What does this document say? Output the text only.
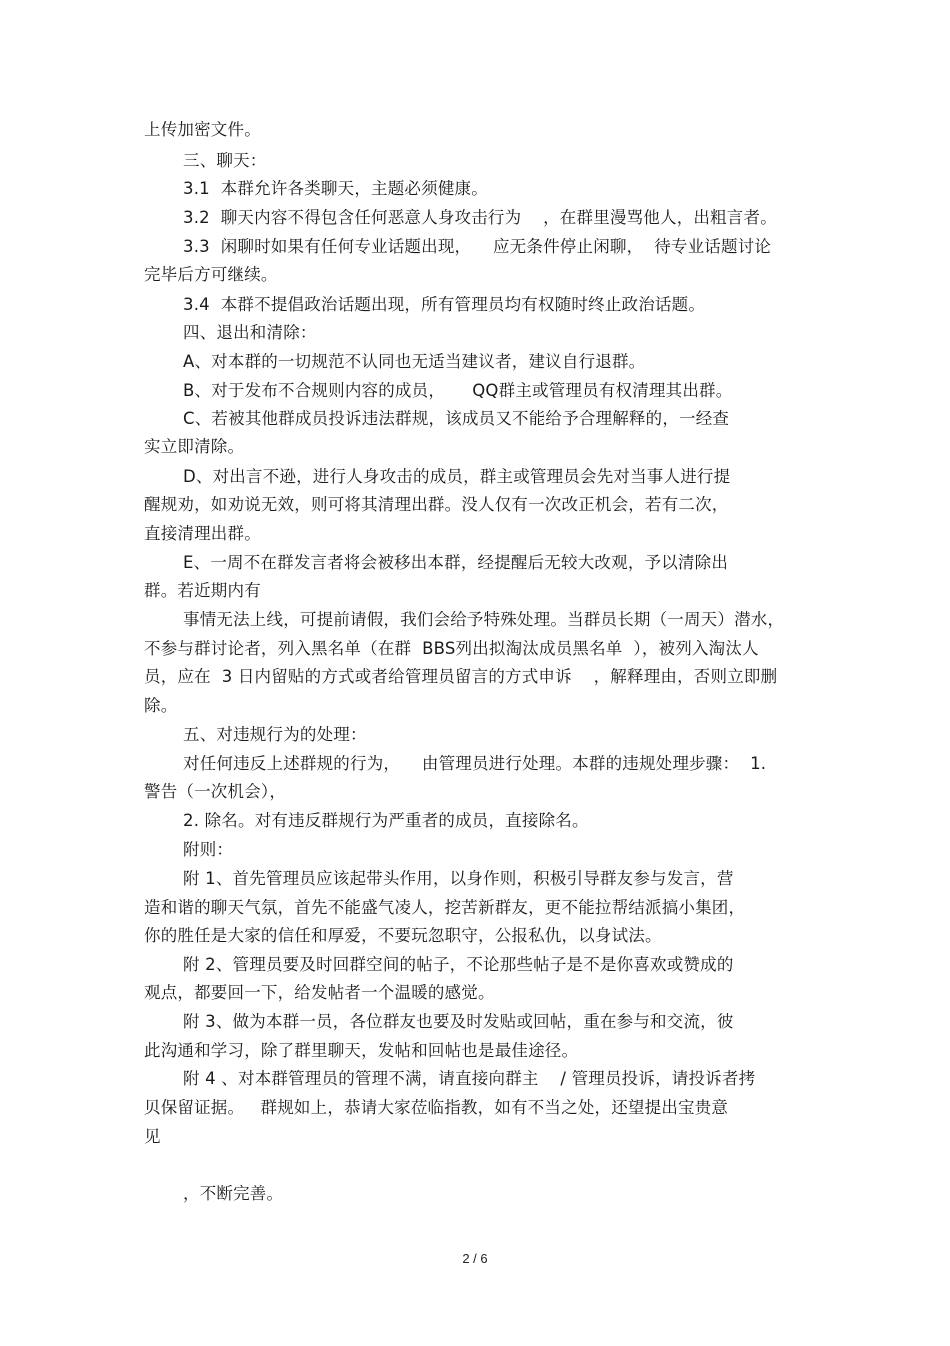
上传加密文件。
三、聊天：
3.1  本群允许各类聊天，主题必须健康。
3.2  聊天内容不得包含任何恶意人身攻击行为    ，在群里漫骂他人，出粗言者。
3.3  闲聊时如果有任何专业话题出现，    应无条件停止闲聊，  待专业话题讨论
完毕后方可继续。
3.4  本群不提倡政治话题出现，所有管理员均有权随时终止政治话题。
四、退出和清除：
A、对本群的一切规范不认同也无适当建议者，建议自行退群。
B、对于发布不合规则内容的成员，     QQ群主或管理员有权清理其出群。
C、若被其他群成员投诉违法群规，该成员又不能给予合理解释的，一经查
实立即清除。
D、对出言不逊，进行人身攻击的成员，群主或管理员会先对当事人进行提
醒规劝，如劝说无效，则可将其清理出群。没人仅有一次改正机会，若有二次，
直接清理出群。
E、一周不在群发言者将会被移出本群，经提醒后无较大改观，予以清除出
群。若近期内有
事情无法上线，可提前请假，我们会给予特殊处理。当群员长期（一周天）潜水，
不参与群讨论者，列入黑名单（在群  BBS列出拟淘汰成员黑名单  ），被列入淘汰人
员，应在  3 日内留贴的方式或者给管理员留言的方式申诉    ，解释理由，否则立即删
除。
五、对违规行为的处理：
对任何违反上述群规的行为，    由管理员进行处理。本群的违规处理步骤：  1.
警告（一次机会），
2. 除名。对有违反群规行为严重者的成员，直接除名。
附则：
附 1、首先管理员应该起带头作用，以身作则，积极引导群友参与发言，营
造和谐的聊天气氛，首先不能盛气凌人，挖苦新群友，更不能拉帮结派搞小集团，
你的胜任是大家的信任和厚爱，不要玩忽职守，公报私仇，以身试法。
附 2、管理员要及时回群空间的帖子，不论那些帖子是不是你喜欢或赞成的
观点，都要回一下，给发帖者一个温暖的感觉。
附 3、做为本群一员，各位群友也要及时发贴或回帖，重在参与和交流，彼
此沟通和学习，除了群里聊天，发帖和回帖也是最佳途径。
附 4 、对本群管理员的管理不满，请直接向群主    / 管理员投诉，请投诉者拷
贝保留证据。   群规如上，恭请大家莅临指教，如有不当之处，还望提出宝贵意
见
，不断完善。
2 / 6
